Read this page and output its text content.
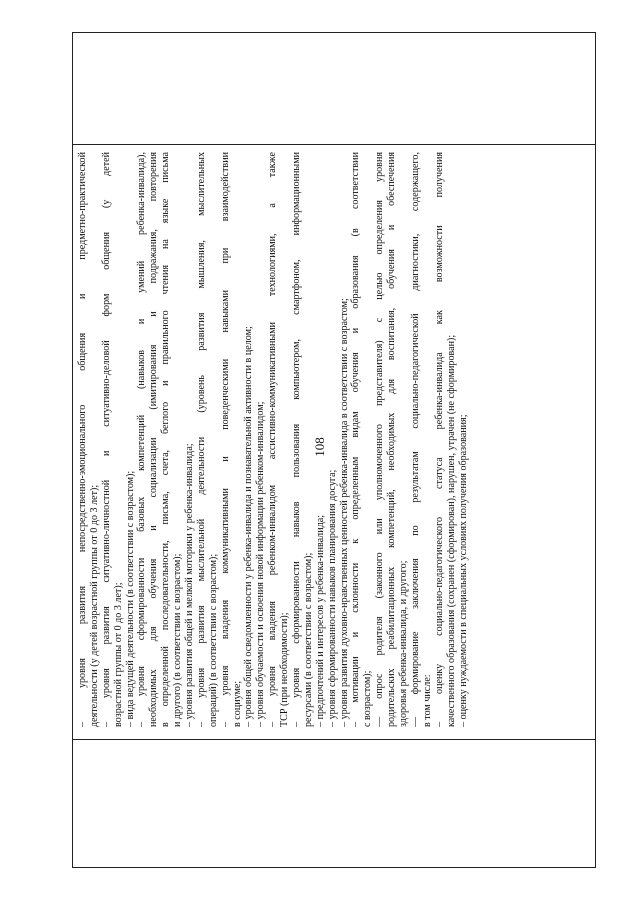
108
– уровня развития непосредственно-эмоционального общения и предметно-практической деятельности (у детей возрастной группы от 0 до 3 лет); – уровня развития ситуативно-личностной и ситуативно-деловой форм общения (у детей возрастной группы от 0 до 3 лет); – вида ведущей деятельности (в соответствии с возрастом); – уровня сформированности базовых компетенций (навыков и умений ребенка-инвалида), необходимых для обучения и социализации (имитирования и подражания, повторения в определенной последовательности, письма, счета, беглого и правильного чтения на языке письма и другого) (в соответствии с возрастом); – уровня развития общей и мелкой моторики у ребенка-инвалида; – уровня развития мыслительной деятельности (уровень развития мышления, мыслительных операций) (в соответствии с возрастом); – уровня владения коммуникативными и поведенческими навыками при взаимодействии в социуме; – уровня общей осведомленности у ребенка-инвалида и познавательной активности в целом; – уровня обучаемости и освоения новой информации ребенком-инвалидом; – уровня владения ребенком-инвалидом ассистивно-коммуникативными технологиями, а также ТСР (при необходимости); – уровня сформированности навыков пользования компьютером, смартфоном, информационными ресурсами (в соответствии с возрастом); – предпочтений и интересов у ребенка-инвалида; – уровня сформированности навыков планирования досуга; – уровня развития духовно-нравственных ценностей ребенка-инвалида в соответствии с возрастом; – мотивации и склонности к определенным видам обучения и образования (в соответствии с возрастом); — опрос родителя (законного или уполномоченного представителя) с целью определения уровня родительских реабилитационных компетенций, необходимых для воспитания, обучения и обеспечения здоровья ребенка-инвалида, и другого; — формирование заключения по результатам социально-педагогической диагностики, содержащего, в том числе: – оценку социально-педагогического статуса ребенка-инвалида как возможности получения качественного образования (сохранен (сформирован), нарушен, утрачен (не сформирован); – оценку нуждаемости в специальных условиях получения образования;
